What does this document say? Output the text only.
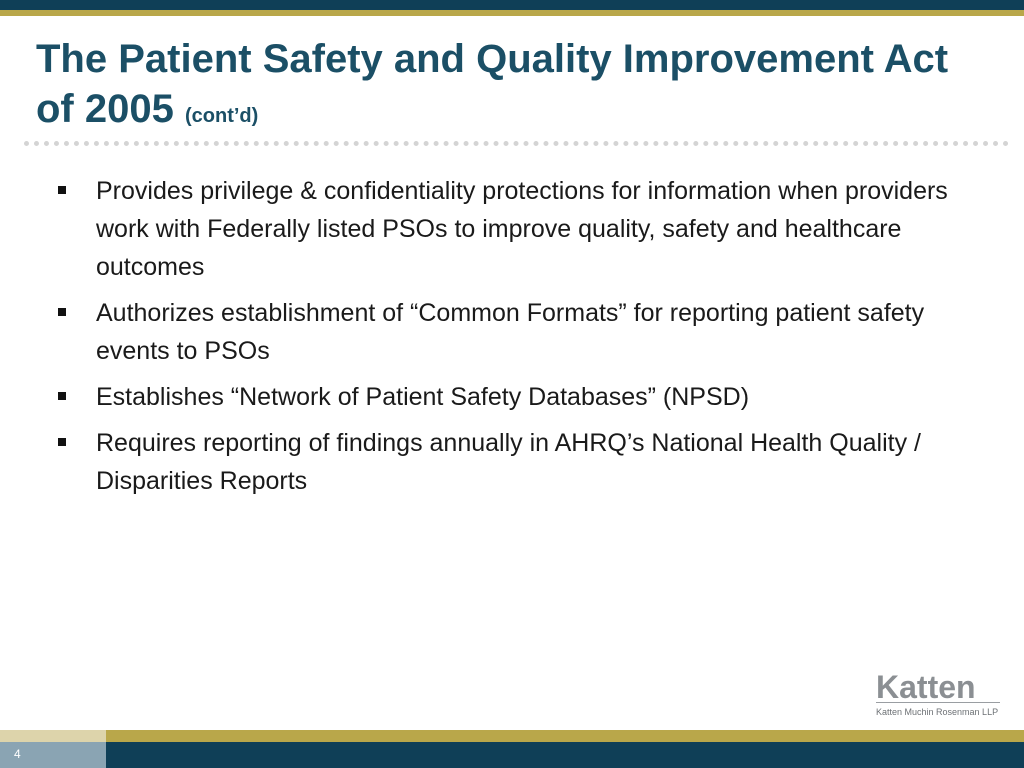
The Patient Safety and Quality Improvement Act of 2005 (cont’d)
Provides privilege & confidentiality protections for information when providers work with Federally listed PSOs to improve quality, safety and healthcare outcomes
Authorizes establishment of “Common Formats” for reporting patient safety events to PSOs
Establishes “Network of Patient Safety Databases” (NPSD)
Requires reporting of findings annually in AHRQ’s National Health Quality / Disparities Reports
Katten
Katten Muchin Rosenman LLP
4
